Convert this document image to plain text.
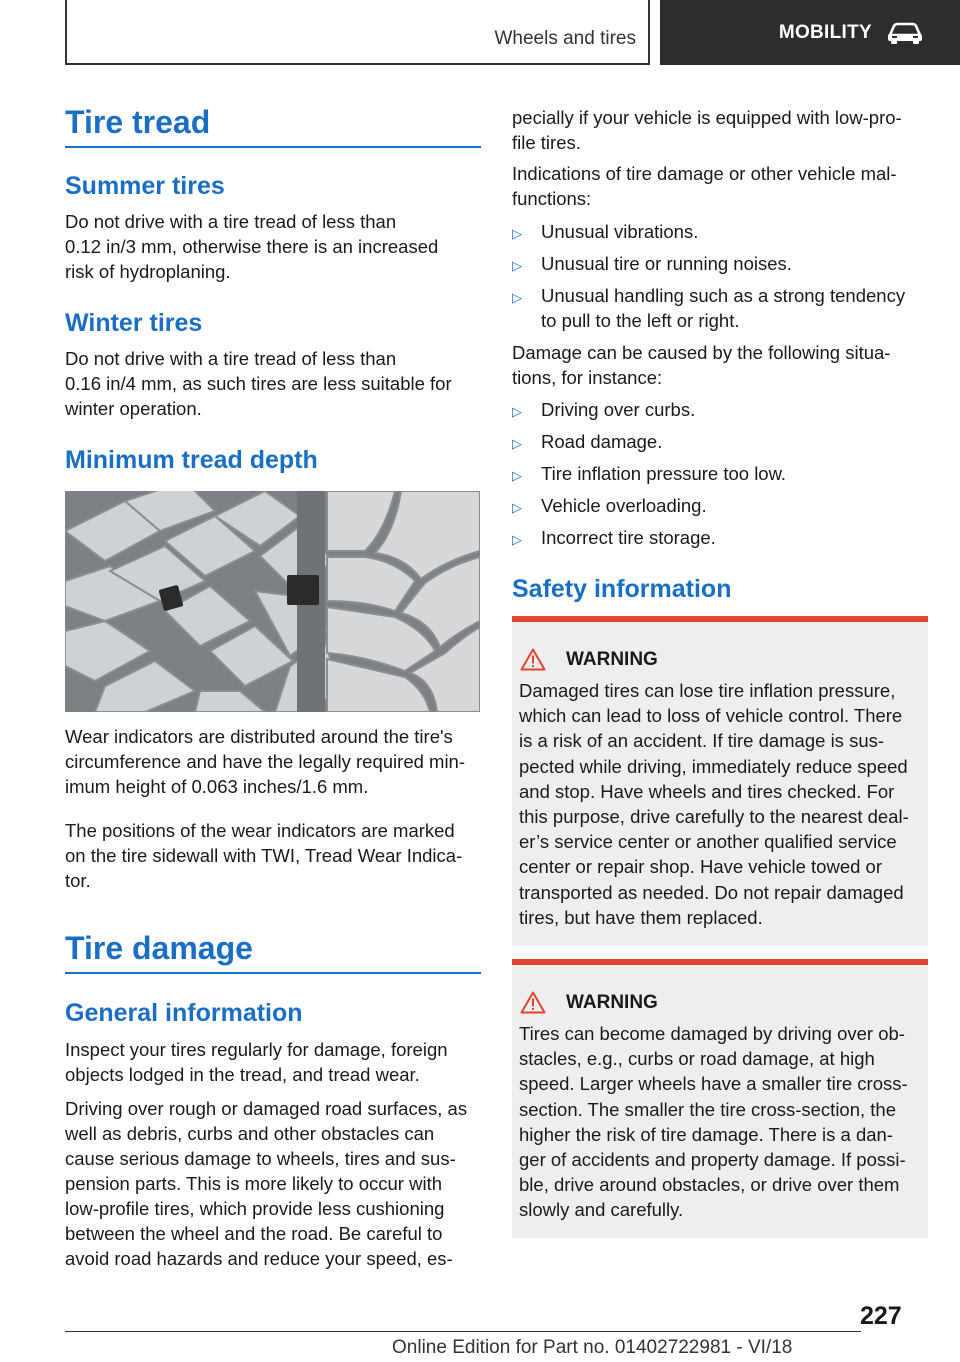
Wheels and tires	MOBILITY
Tire tread
Summer tires
Do not drive with a tire tread of less than
0.12 in/3 mm, otherwise there is an increased
risk of hydroplaning.
Winter tires
Do not drive with a tire tread of less than
0.16 in/4 mm, as such tires are less suitable for
winter operation.
Minimum tread depth
Wear indicators are distributed around the tire's
circumference and have the legally required min-
imum height of 0.063 inches/1.6 mm.
The positions of the wear indicators are marked
on the tire sidewall with TWI, Tread Wear Indica-
tor.
Tire damage
General information
Inspect your tires regularly for damage, foreign
objects lodged in the tread, and tread wear.
Driving over rough or damaged road surfaces, as
well as debris, curbs and other obstacles can
cause serious damage to wheels, tires and sus-
pension parts. This is more likely to occur with
low-profile tires, which provide less cushioning
between the wheel and the road. Be careful to
avoid road hazards and reduce your speed, es-
pecially if your vehicle is equipped with low-pro-
file tires.
Indications of tire damage or other vehicle mal-
functions:
▷	Unusual vibrations.
▷	Unusual tire or running noises.
▷	Unusual handling such as a strong tendency
to pull to the left or right.
Damage can be caused by the following situa-
tions, for instance:
▷	Driving over curbs.
▷	Road damage.
▷	Tire inflation pressure too low.
▷	Vehicle overloading.
▷	Incorrect tire storage.
Safety information
WARNING
Damaged tires can lose tire inflation pressure,
which can lead to loss of vehicle control. There
is a risk of an accident. If tire damage is sus-
pected while driving, immediately reduce speed
and stop. Have wheels and tires checked. For
this purpose, drive carefully to the nearest deal-
er’s service center or another qualified service
center or repair shop. Have vehicle towed or
transported as needed. Do not repair damaged
tires, but have them replaced.
WARNING
Tires can become damaged by driving over ob-
stacles, e.g., curbs or road damage, at high
speed. Larger wheels have a smaller tire cross-
section. The smaller the tire cross-section, the
higher the risk of tire damage. There is a dan-
ger of accidents and property damage. If possi-
ble, drive around obstacles, or drive over them
slowly and carefully.
227
Online Edition for Part no. 01402722981 - VI/18
